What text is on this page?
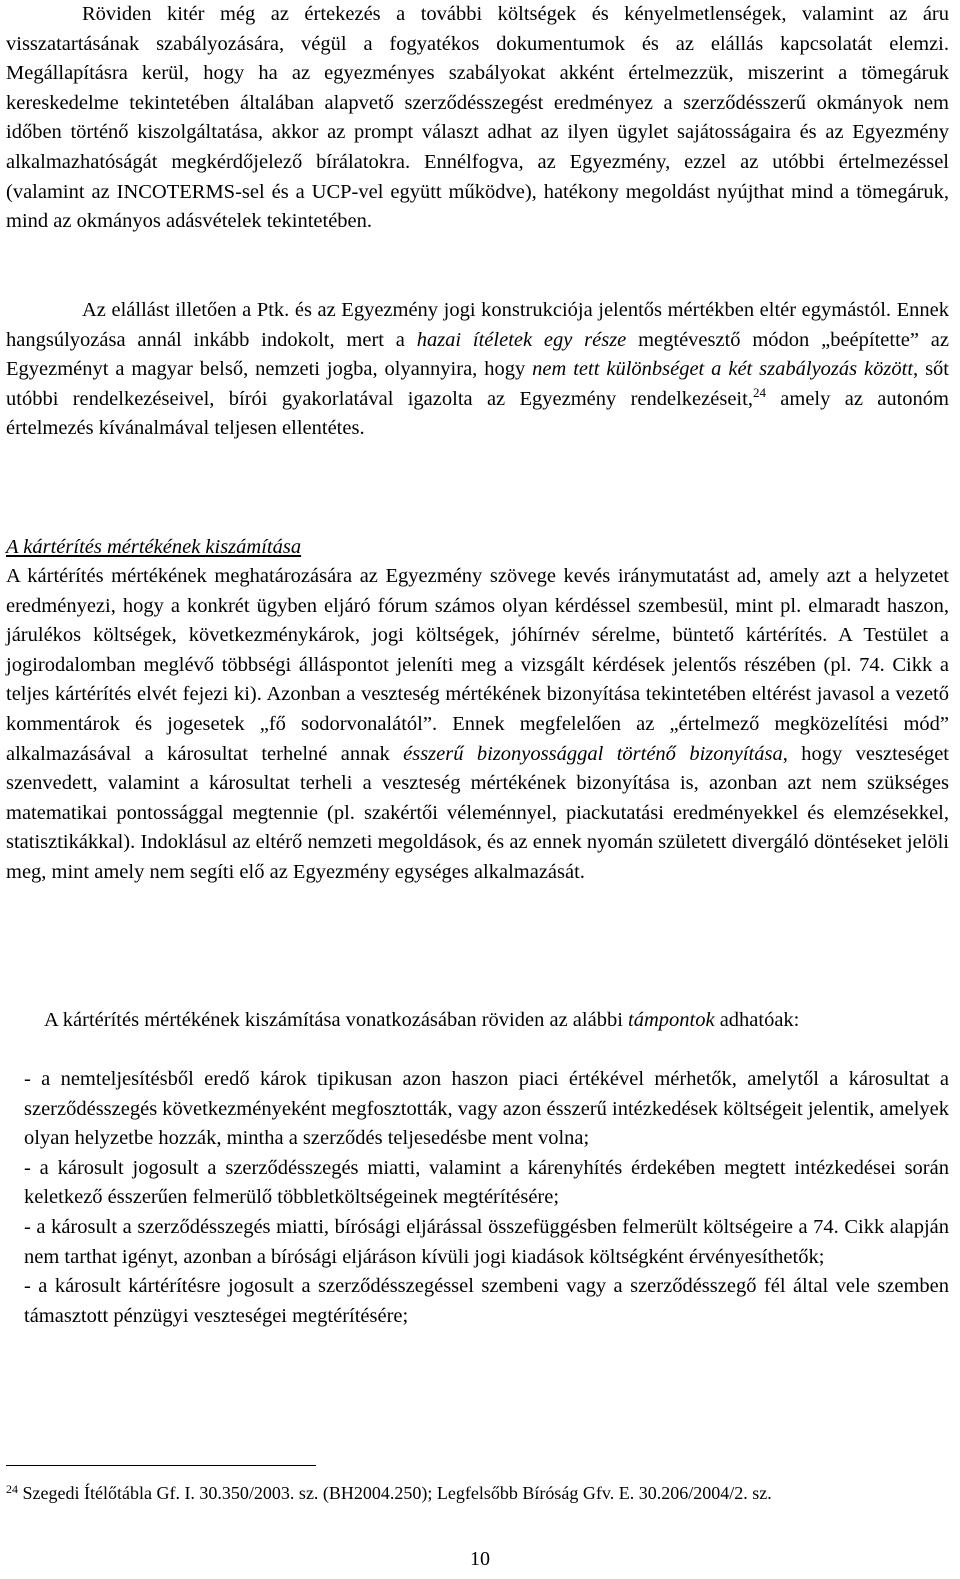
Röviden kitér még az értekezés a további költségek és kényelmetlenségek, valamint az áru visszatartásának szabályozására, végül a fogyatékos dokumentumok és az elállás kapcsolatát elemzi. Megállapításra kerül, hogy ha az egyezményes szabályokat akként értelmezzük, miszerint a tömegáruk kereskedelme tekintetében általában alapvető szerződésszegést eredményez a szerződésszerű okmányok nem időben történő kiszolgáltatása, akkor az prompt választ adhat az ilyen ügylet sajátosságaira és az Egyezmény alkalmazhatóságát megkérdőjelező bírálatokra. Ennélfogva, az Egyezmény, ezzel az utóbbi értelmezéssel (valamint az INCOTERMS-sel és a UCP-vel együtt működve), hatékony megoldást nyújthat mind a tömegáruk, mind az okmányos adásvételek tekintetében.

Az elállást illetően a Ptk. és az Egyezmény jogi konstrukciója jelentős mértékben eltér egymástól. Ennek hangsúlyozása annál inkább indokolt, mert a hazai ítéletek egy része megtévesztő módon „beépítette” az Egyezményt a magyar belső, nemzeti jogba, olyannyira, hogy nem tett különbséget a két szabályozás között, sőt utóbbi rendelkezéseivel, bírói gyakorlatával igazolta az Egyezmény rendelkezéseit,$^{24}$ amely az autonóm értelmezés kívánalmával teljesen ellentétes.

A kártérítés mértékének kiszámítása

A kártérítés mértékének meghatározására az Egyezmény szövege kevés iránymutatást ad, amely azt a helyzetet eredményezi, hogy a konkrét ügyben eljáró fórum számos olyan kérdéssel szembesül, mint pl. elmaradt haszon, járulékos költségek, következménykárok, jogi költségek, jóhírnév sérelme, büntető kártérítés. A Testület a jogirodalomban meglévő többségi álláspontot jeleníti meg a vizsgált kérdések jelentős részében (pl. 74. Cikk a teljes kártérítés elvét fejezi ki). Azonban a veszteség mértékének bizonyítása tekintetében eltérést javasol a vezető kommentárok és jogesetek „fő sodorvonalától”. Ennek megfelelően az „értelmező megközelítési mód” alkalmazásával a károsultat terhelné annak ésszerű bizonyossággal történő bizonyítása, hogy veszteséget szenvedett, valamint a károsultat terheli a veszteség mértékének bizonyítása is, azonban azt nem szükséges matematikai pontossággal megtennie (pl. szakértői véleménnyel, piackutatási eredményekkel és elemzésekkel, statisztikákkal). Indoklásul az eltérő nemzeti megoldások, és az ennek nyomán született divergáló döntéseket jelöli meg, mint amely nem segíti elő az Egyezmény egységes alkalmazását.

A kártérítés mértékének kiszámítása vonatkozásában röviden az alábbi támpontok adhatóak:

- a nemteljesítésből eredő károk tipikusan azon haszon piaci értékével mérhetők, amelytől a károsultat a szerződésszegés következményeként megfosztották, vagy azon ésszerű intézkedések költségeit jelentik, amelyek olyan helyzetbe hozzák, mintha a szerződés teljesedésbe ment volna;
- a károsult jogosult a szerződésszegés miatti, valamint a kárenyhítés érdekében megtett intézkedései során keletkező ésszerűen felmerülő többletköltségeinek megtérítésére;
- a károsult a szerződésszegés miatti, bírósági eljárással összefüggésben felmerült költségeire a 74. Cikk alapján nem tarthat igényt, azonban a bírósági eljáráson kívüli jogi kiadások költségként érvényesíthetők;
- a károsult kártérítésre jogosult a szerződésszegéssel szembeni vagy a szerződésszegő fél által vele szemben támasztott pénzügyi veszteségei megtérítésére;
$^{24}$ Szegedi Ítélőtábla Gf. I. 30.350/2003. sz. (BH2004.250); Legfelsőbb Bíróság Gfv. E. 30.206/2004/2. sz.
10
